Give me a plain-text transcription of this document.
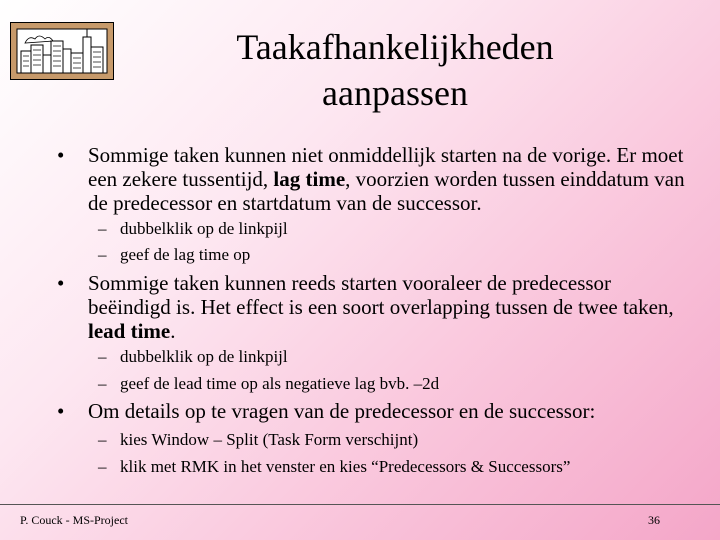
Taakafhankelijkheden
aanpassen
• Sommige taken kunnen niet onmiddellijk starten na de vorige. Er moet een zekere tussentijd, lag time, voorzien worden tussen einddatum van de predecessor en startdatum van de successor.
– dubbelklik op de linkpijl
– geef de lag time op
• Sommige taken kunnen reeds starten vooraleer de predecessor beëindigd is. Het effect is een soort overlapping tussen de twee taken, lead time.
– dubbelklik op de linkpijl
– geef de lead time op als negatieve lag bvb. –2d
• Om details op te vragen van de predecessor en de successor:
– kies Window – Split (Task Form verschijnt)
– klik met RMK in het venster en kies “Predecessors & Successors”
P. Couck - MS-Project	36
